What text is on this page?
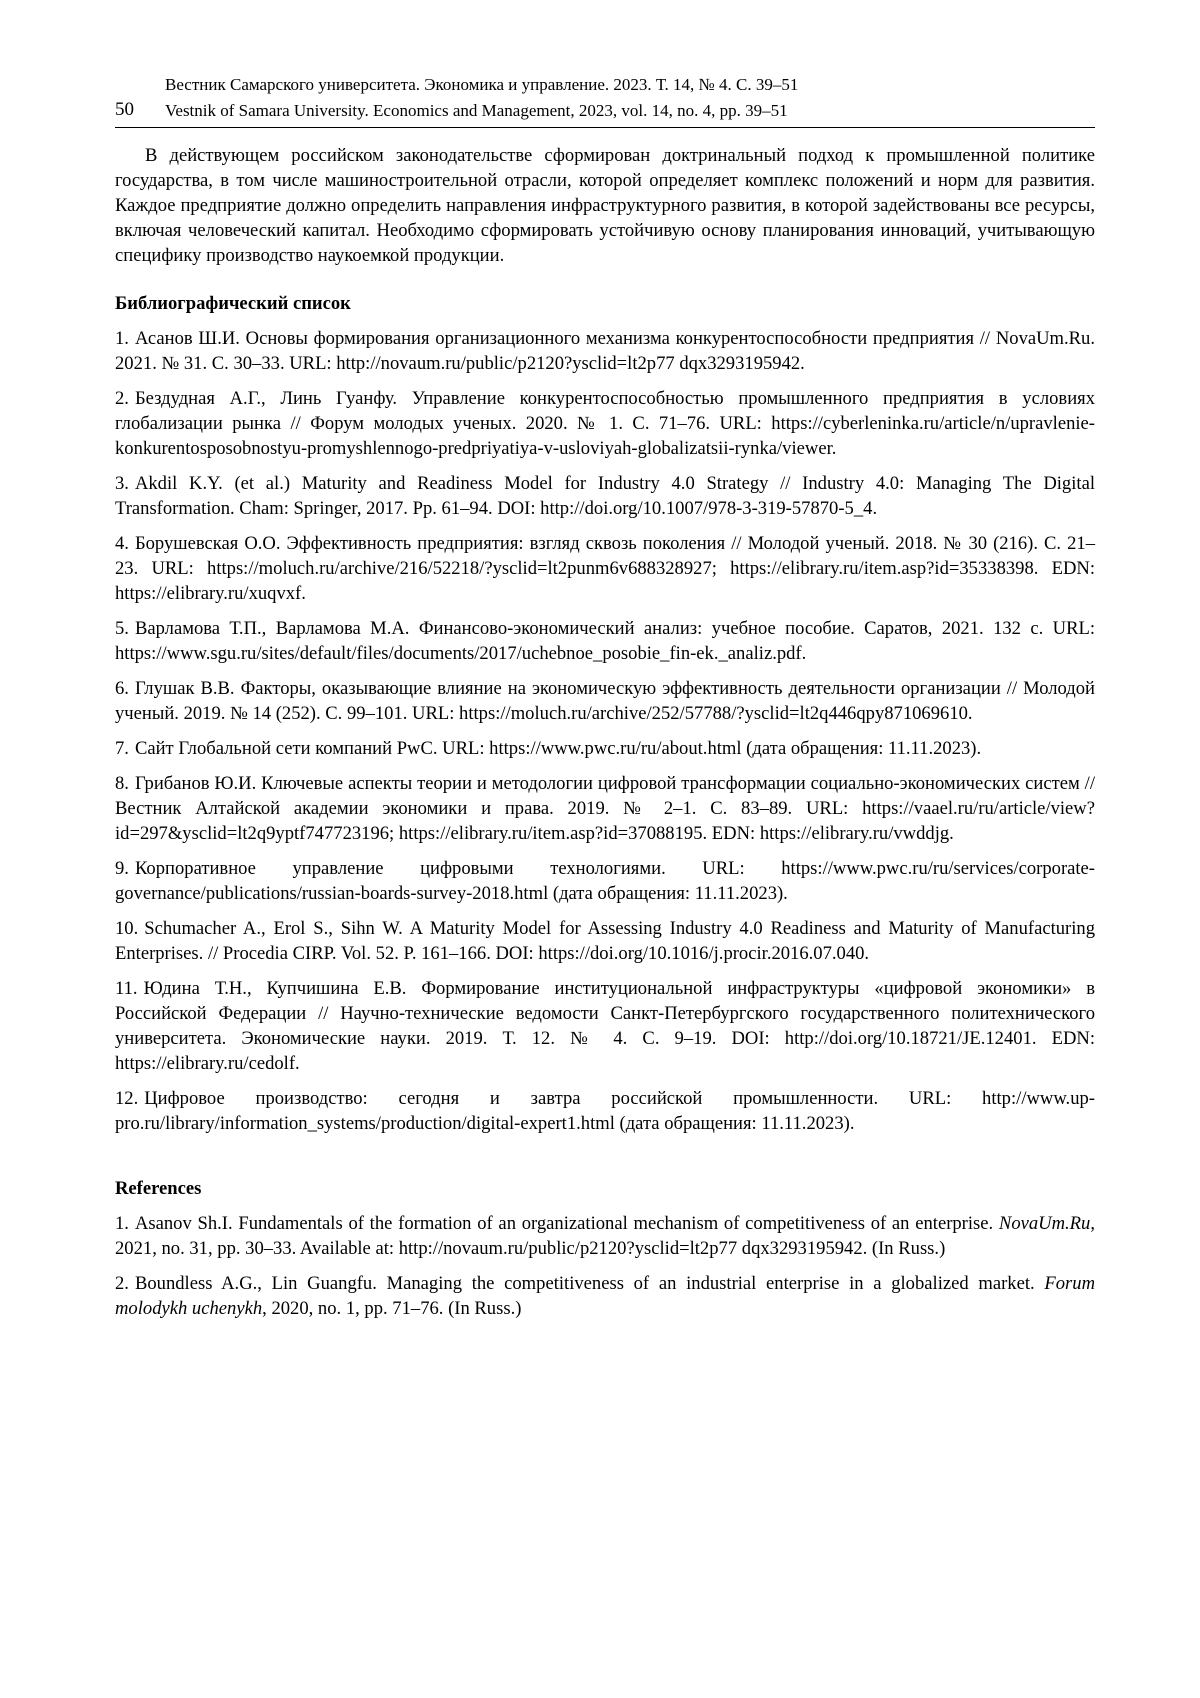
50
Вестник Самарского университета. Экономика и управление. 2023. Т. 14, № 4. С. 39–51
Vestnik of Samara University. Economics and Management, 2023, vol. 14, no. 4, pp. 39–51

В действующем российском законодательстве сформирован доктринальный подход к промышленной политике государства, в том числе машиностроительной отрасли, которой определяет комплекс положений и норм для развития. Каждое предприятие должно определить направления инфраструктурного развития, в которой задействованы все ресурсы, включая человеческий капитал. Необходимо сформировать устойчивую основу планирования инноваций, учитывающую специфику производство наукоемкой продукции.

Библиографический список

1. Асанов Ш.И. Основы формирования организационного механизма конкурентоспособности предприятия // NovaUm.Ru. 2021. № 31. С. 30–33. URL: http://novaum.ru/public/p2120?ysclid=lt2p77 dqx3293195942.

2. Бездудная А.Г., Линь Гуанфу. Управление конкурентоспособностью промышленного предприятия в условиях глобализации рынка // Форум молодых ученых. 2020. № 1. С. 71–76. URL: https://cyberleninka.ru/article/n/upravlenie-konkurentosposobnostyu-promyshlennogo-predpriyatiya-v-usloviyah-globalizatsii-rynka/viewer.

3. Akdil K.Y. (et al.) Maturity and Readiness Model for Industry 4.0 Strategy // Industry 4.0: Managing The Digital Transformation. Cham: Springer, 2017. Pp. 61–94. DOI: http://doi.org/10.1007/978-3-319-57870-5_4.

4. Борушевская О.О. Эффективность предприятия: взгляд сквозь поколения // Молодой ученый. 2018. № 30 (216). С. 21–23. URL: https://moluch.ru/archive/216/52218/?ysclid=lt2punm6v688328927; https://elibrary.ru/item.asp?id=35338398. EDN: https://elibrary.ru/xuqvxf.

5. Варламова Т.П., Варламова М.А. Финансово-экономический анализ: учебное пособие. Саратов, 2021. 132 с. URL: https://www.sgu.ru/sites/default/files/documents/2017/uchebnoe_posobie_fin-ek._analiz.pdf.

6. Глушак В.В. Факторы, оказывающие влияние на экономическую эффективность деятельности организации // Молодой ученый. 2019. № 14 (252). С. 99–101. URL: https://moluch.ru/archive/252/57788/?ysclid=lt2q446qpy871069610.

7. Сайт Глобальной сети компаний PwC. URL: https://www.pwc.ru/ru/about.html (дата обращения: 11.11.2023).

8. Грибанов Ю.И. Ключевые аспекты теории и методологии цифровой трансформации социально-экономических систем // Вестник Алтайской академии экономики и права. 2019. № 2–1. С. 83–89. URL: https://vaael.ru/ru/article/view?id=297&ysclid=lt2q9yptf747723196; https://elibrary.ru/item.asp?id=37088195. EDN: https://elibrary.ru/vwddjg.

9. Корпоративное управление цифровыми технологиями. URL: https://www.pwc.ru/ru/services/corporate-governance/publications/russian-boards-survey-2018.html (дата обращения: 11.11.2023).

10. Schumacher A., Erol S., Sihn W. A Maturity Model for Assessing Industry 4.0 Readiness and Maturity of Manufacturing Enterprises. // Procedia CIRP. Vol. 52. P. 161–166. DOI: https://doi.org/10.1016/j.procir.2016.07.040.

11. Юдина Т.Н., Купчишина Е.В. Формирование институциональной инфраструктуры «цифровой экономики» в Российской Федерации // Научно-технические ведомости Санкт-Петербургского государственного политехнического университета. Экономические науки. 2019. Т. 12. № 4. С. 9–19. DOI: http://doi.org/10.18721/JE.12401. EDN: https://elibrary.ru/cedolf.

12. Цифровое производство: сегодня и завтра российской промышленности. URL: http://www.up-pro.ru/library/information_systems/production/digital-expert1.html (дата обращения: 11.11.2023).

References

1. Asanov Sh.I. Fundamentals of the formation of an organizational mechanism of competitiveness of an enterprise. NovaUm.Ru, 2021, no. 31, pp. 30–33. Available at: http://novaum.ru/public/p2120?ysclid=lt2p77 dqx3293195942. (In Russ.)

2. Boundless A.G., Lin Guangfu. Managing the competitiveness of an industrial enterprise in a globalized market. Forum molodykh uchenykh, 2020, no. 1, pp. 71–76. (In Russ.)
